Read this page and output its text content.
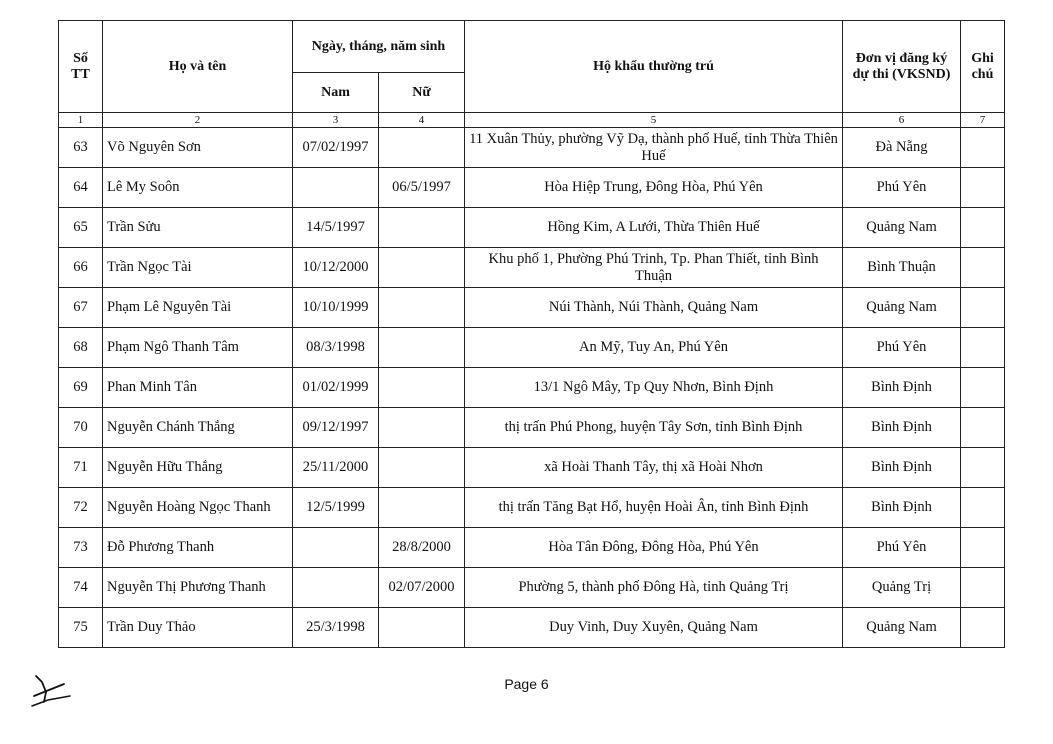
Số TT	Họ và tên	Ngày, tháng, năm sinh		Hộ khẩu thường trú	Đơn vị đăng ký dự thi (VKSND)	Ghi chú
		Nam	Nữ			
1	2	3	4	5	6	7
63	Võ Nguyên Sơn	07/02/1997		11 Xuân Thủy, phường Vỹ Dạ, thành phố Huế, tỉnh Thừa Thiên Huế	Đà Nẵng	
64	Lê My Soôn		06/5/1997	Hòa Hiệp Trung, Đông Hòa, Phú Yên	Phú Yên	
65	Trần Sửu	14/5/1997		Hồng Kim, A Lưới, Thừa Thiên Huế	Quảng Nam	
66	Trần Ngọc Tài	10/12/2000		Khu phố 1, Phường Phú Trinh, Tp. Phan Thiết, tỉnh Bình Thuận	Bình Thuận	
67	Phạm Lê Nguyên Tài	10/10/1999		Núi Thành, Núi Thành, Quảng Nam	Quảng Nam	
68	Phạm Ngô Thanh Tâm	08/3/1998		An Mỹ, Tuy An, Phú Yên	Phú Yên	
69	Phan Minh Tân	01/02/1999		13/1 Ngô Mây, Tp Quy Nhơn, Bình Định	Bình Định	
70	Nguyễn Chánh Thắng	09/12/1997		thị trấn Phú Phong, huyện Tây Sơn, tỉnh Bình Định	Bình Định	
71	Nguyễn Hữu Thắng	25/11/2000		xã Hoài Thanh Tây, thị xã Hoài Nhơn	Bình Định	
72	Nguyễn Hoàng Ngọc Thanh	12/5/1999		thị trấn Tăng Bạt Hổ, huyện Hoài Ân, tỉnh Bình Định	Bình Định	
73	Đỗ Phương Thanh		28/8/2000	Hòa Tân Đông, Đông Hòa, Phú Yên	Phú Yên	
74	Nguyễn Thị Phương Thanh		02/07/2000	Phường 5, thành phố Đông Hà, tỉnh Quảng Trị	Quảng Trị	
75	Trần Duy Thảo	25/3/1998		Duy Vinh, Duy Xuyên, Quảng Nam	Quảng Nam	
Page 6
